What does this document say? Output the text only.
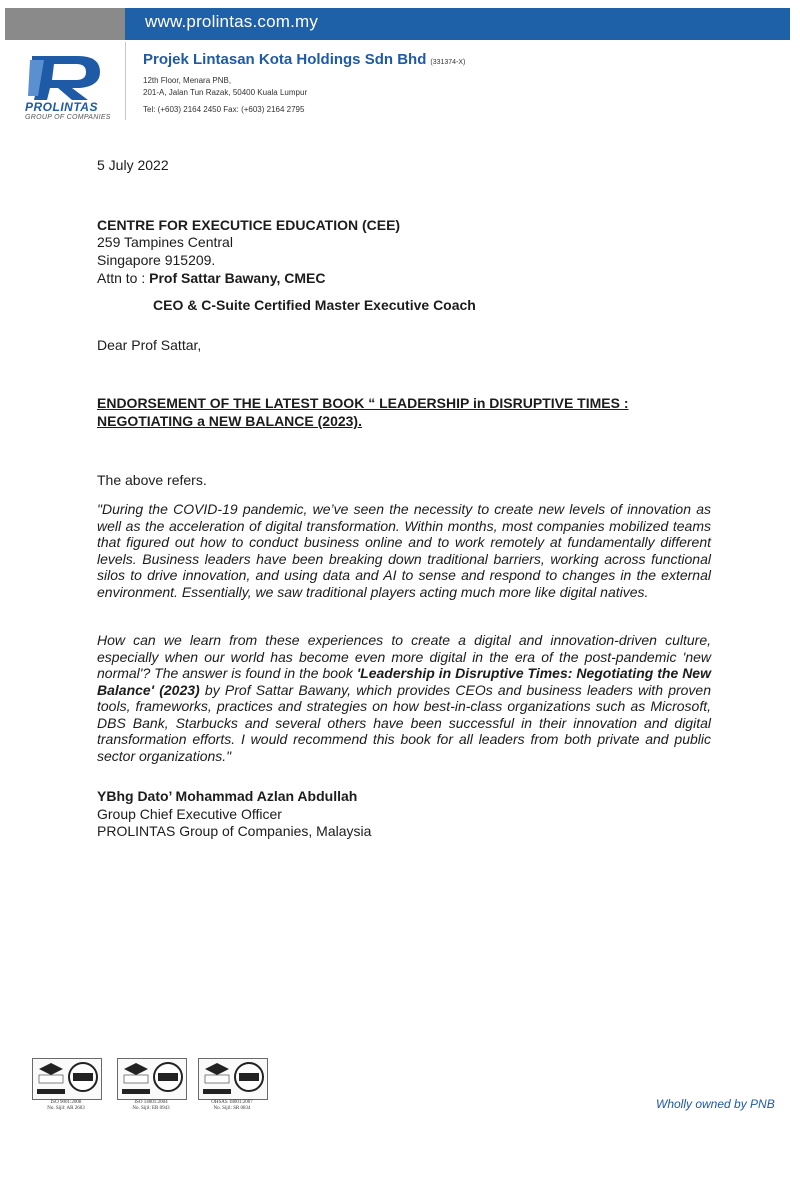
www.prolintas.com.my
PROLINTAS
GROUP OF COMPANIES
Projek Lintasan Kota Holdings Sdn Bhd (331374-X)
12th Floor, Menara PNB,
201-A, Jalan Tun Razak, 50400 Kuala Lumpur
Tel: (+603) 2164 2450 Fax: (+603) 2164 2795
5 July 2022
CENTRE FOR EXECUTICE EDUCATION (CEE)
259 Tampines Central
Singapore 915209.
Attn to : Prof Sattar Bawany, CMEC
CEO & C-Suite Certified Master Executive Coach
Dear Prof Sattar,
ENDORSEMENT OF THE LATEST BOOK “ LEADERSHIP in DISRUPTIVE TIMES :
NEGOTIATING a NEW BALANCE (2023).
The above refers.
"During the COVID-19 pandemic, we’ve seen the necessity to create new levels of innovation as well as the acceleration of digital transformation. Within months, most companies mobilized teams that figured out how to conduct business online and to work remotely at fundamentally different levels. Business leaders have been breaking down traditional barriers, working across functional silos to drive innovation, and using data and AI to sense and respond to changes in the external environment. Essentially, we saw traditional players acting much more like digital natives.
How can we learn from these experiences to create a digital and innovation-driven culture, especially when our world has become even more digital in the era of the post-pandemic 'new normal'? The answer is found in the book 'Leadership in Disruptive Times: Negotiating the New Balance' (2023) by Prof Sattar Bawany, which provides CEOs and business leaders with proven tools, frameworks, practices and strategies on how best-in-class organizations such as Microsoft, DBS Bank, Starbucks and several others have been successful in their innovation and digital transformation efforts. I would recommend this book for all leaders from both private and public sector organizations."
YBhg Dato’ Mohammad Azlan Abdullah
Group Chief Executive Officer
PROLINTAS Group of Companies, Malaysia
ISO 9001:2008
No. Sijil: AR 2603
ISO 14001:2004
No. Sijil: ER 0943
OHSAS 18001:2007
No. Sijil: SR 0834	Wholly owned by PNB
